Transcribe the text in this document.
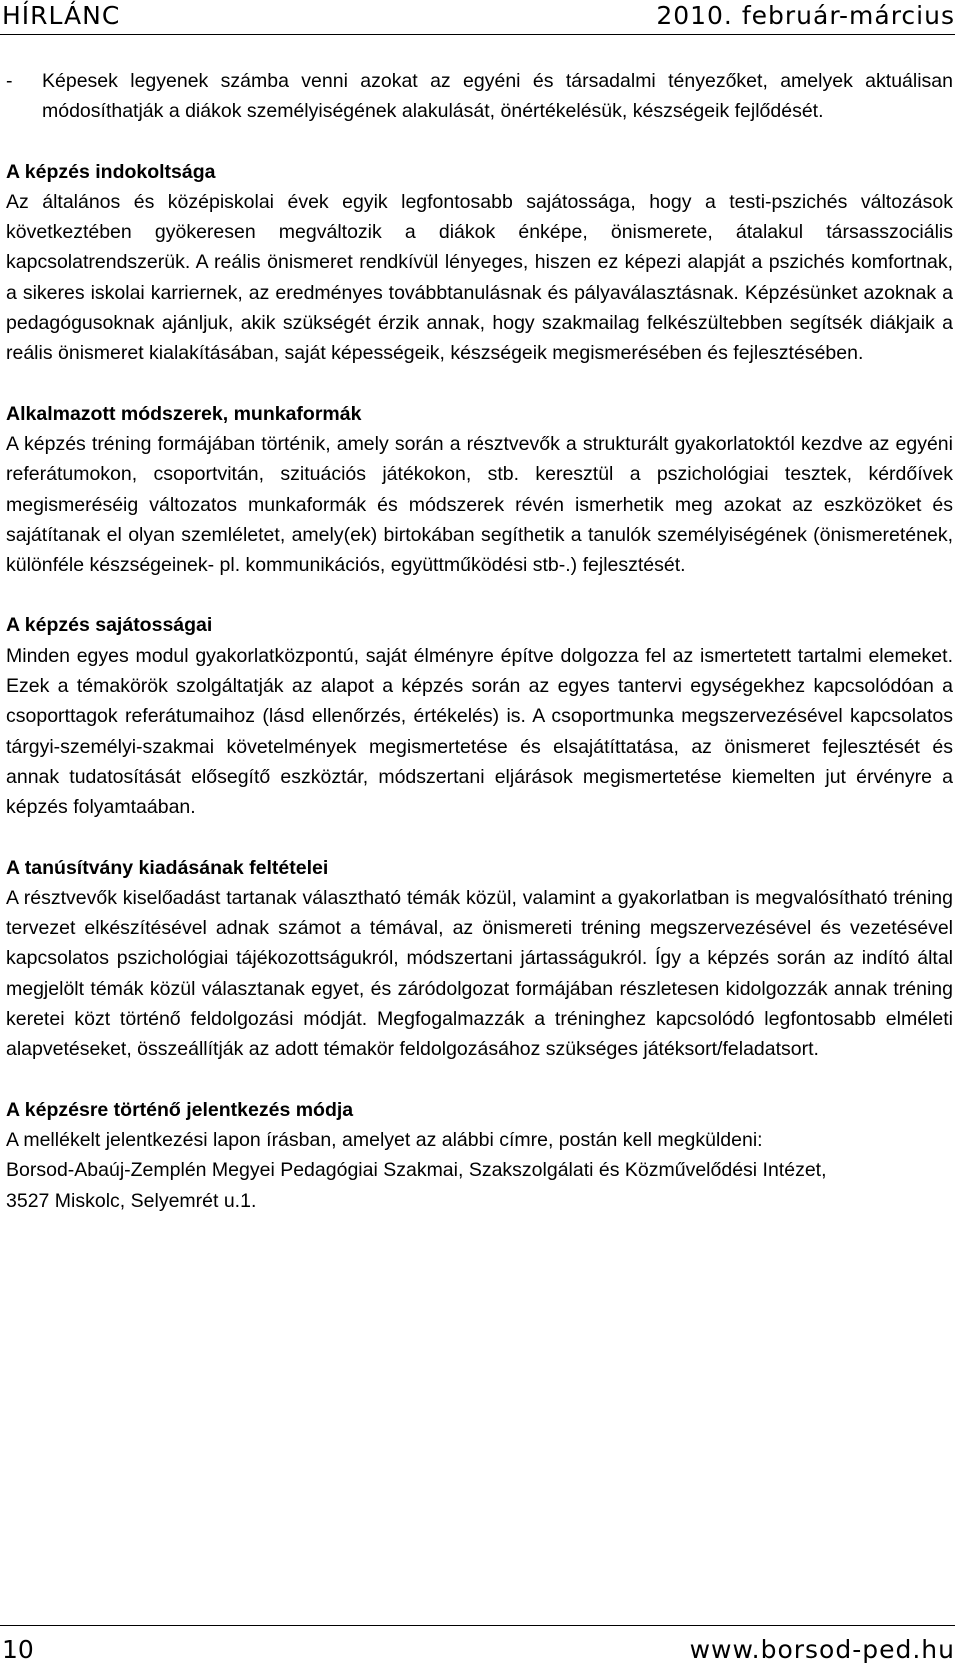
HÍRLÁNC	2010. február-március
-	Képesek legyenek számba venni azokat az egyéni és társadalmi tényezőket, amelyek aktuálisan módosíthatják a diákok személyiségének alakulását, önértékelésük, készségeik fejlődését.

A képzés indokoltsága

Az általános és középiskolai évek egyik legfontosabb sajátossága, hogy a testi-pszichés változások következtében gyökeresen megváltozik a diákok énképe, önismerete, átalakul társasszociális kapcsolatrendszerük. A reális önismeret rendkívül lényeges, hiszen ez képezi alapját a pszichés komfortnak, a sikeres iskolai karriernek, az eredményes továbbtanulásnak és pályaválasztásnak. Képzésünket azoknak a pedagógusoknak ajánljuk, akik szükségét érzik annak, hogy szakmailag felkészültebben segítsék diákjaik a reális önismeret kialakításában, saját képességeik, készségeik megismerésében és fejlesztésében.

Alkalmazott módszerek, munkaformák

A képzés tréning formájában történik, amely során a résztvevők a strukturált gyakorlatoktól kezdve az egyéni referátumokon, csoportvitán, szituációs játékokon, stb. keresztül a pszichológiai tesztek, kérdőívek megismeréséig változatos munkaformák és módszerek révén ismerhetik meg azokat az eszközöket és sajátítanak el olyan szemléletet, amely(ek) birtokában segíthetik a tanulók személyiségének (önismeretének, különféle készségeinek- pl. kommunikációs, együttműködési stb-.) fejlesztését.

A képzés sajátosságai

Minden egyes modul gyakorlatközpontú, saját élményre építve dolgozza fel az ismertetett tartalmi elemeket. Ezek a témakörök szolgáltatják az alapot a képzés során az egyes tantervi egységekhez kapcsolódóan a csoporttagok referátumaihoz (lásd ellenőrzés, értékelés) is. A csoportmunka megszervezésével kapcsolatos tárgyi-személyi-szakmai követelmények megismertetése és elsajátíttatása, az önismeret fejlesztését és annak tudatosítását elősegítő eszköztár, módszertani eljárások megismertetése kiemelten jut érvényre a képzés folyamtaában.

A tanúsítvány kiadásának feltételei

A résztvevők kiselőadást tartanak választható témák közül, valamint a gyakorlatban is megvalósítható tréning tervezet elkészítésével adnak számot a témával, az önismereti tréning megszervezésével és vezetésével kapcsolatos pszichológiai tájékozottságukról, módszertani jártasságukról. Így a képzés során az indító által megjelölt témák közül választanak egyet, és záródolgozat formájában részletesen kidolgozzák annak tréning keretei közt történő feldolgozási módját. Megfogalmazzák a tréninghez kapcsolódó legfontosabb elméleti alapvetéseket, összeállítják az adott témakör feldolgozásához szükséges játéksort/feladatsort.

A képzésre történő jelentkezés módja

A mellékelt jelentkezési lapon írásban, amelyet az alábbi címre, postán kell megküldeni:

Borsod-Abaúj-Zemplén Megyei Pedagógiai Szakmai, Szakszolgálati és Közművelődési Intézet,

3527 Miskolc, Selyemrét u.1.

10	www.borsod-ped.hu
